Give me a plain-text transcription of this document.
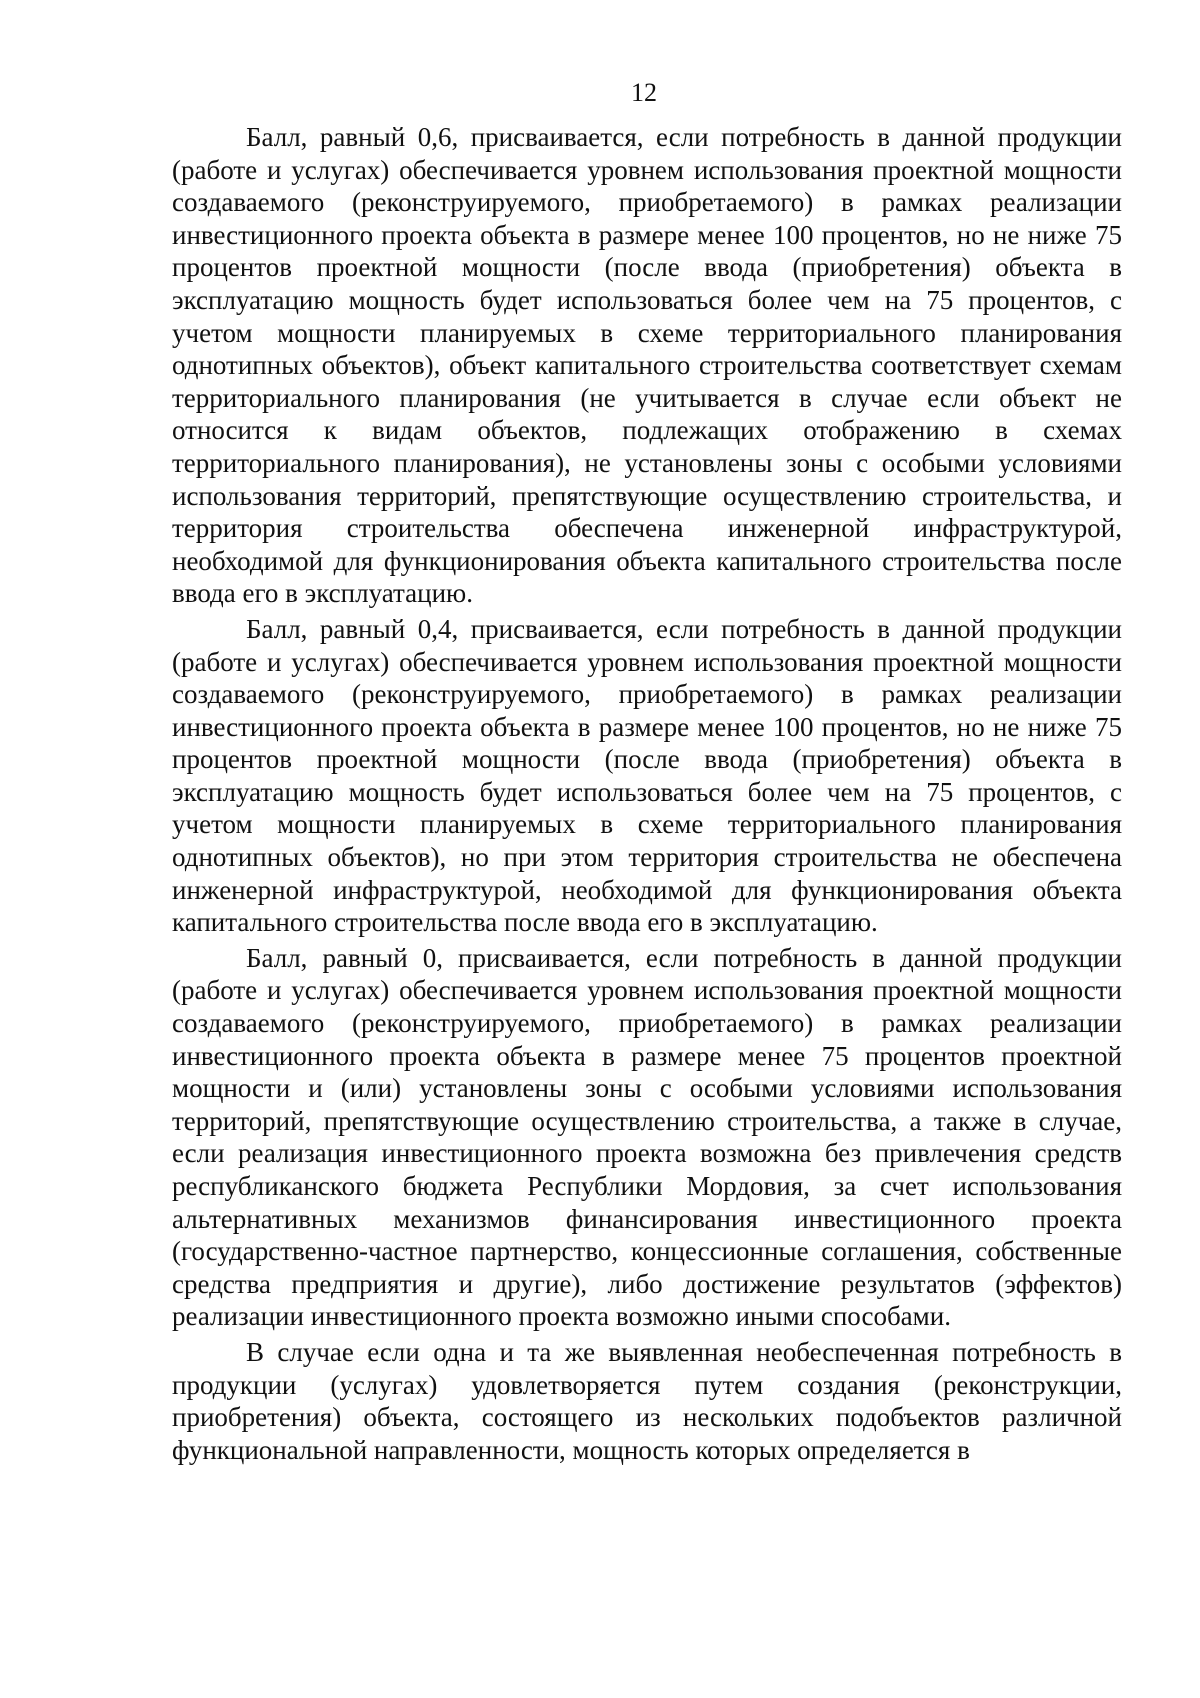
12

Балл, равный 0,6, присваивается, если потребность в данной продукции (работе и услугах) обеспечивается уровнем использования проектной мощности создаваемого (реконструируемого, приобретаемого) в рамках реализации инвестиционного проекта объекта в размере менее 100 процентов, но не ниже 75 процентов проектной мощности (после ввода (приобретения) объекта в эксплуатацию мощность будет использоваться более чем на 75 процентов, с учетом мощности планируемых в схеме территориального планирования однотипных объектов), объект капитального строительства соответствует схемам территориального планирования (не учитывается в случае если объект не относится к видам объектов, подлежащих отображению в схемах территориального планирования), не установлены зоны с особыми условиями использования территорий, препятствующие осуществлению строительства, и территория строительства обеспечена инженерной инфраструктурой, необходимой для функционирования объекта капитального строительства после ввода его в эксплуатацию.

Балл, равный 0,4, присваивается, если потребность в данной продукции (работе и услугах) обеспечивается уровнем использования проектной мощности создаваемого (реконструируемого, приобретаемого) в рамках реализации инвестиционного проекта объекта в размере менее 100 процентов, но не ниже 75 процентов проектной мощности (после ввода (приобретения) объекта в эксплуатацию мощность будет использоваться более чем на 75 процентов, с учетом мощности планируемых в схеме территориального планирования однотипных объектов), но при этом территория строительства не обеспечена инженерной инфраструктурой, необходимой для функционирования объекта капитального строительства после ввода его в эксплуатацию.

Балл, равный 0, присваивается, если потребность в данной продукции (работе и услугах) обеспечивается уровнем использования проектной мощности создаваемого (реконструируемого, приобретаемого) в рамках реализации инвестиционного проекта объекта в размере менее 75 процентов проектной мощности и (или) установлены зоны с особыми условиями использования территорий, препятствующие осуществлению строительства, а также в случае, если реализация инвестиционного проекта возможна без привлечения средств республиканского бюджета Республики Мордовия, за счет использования альтернативных механизмов финансирования инвестиционного проекта (государственно-частное партнерство, концессионные соглашения, собственные средства предприятия и другие), либо достижение результатов (эффектов) реализации инвестиционного проекта возможно иными способами.

В случае если одна и та же выявленная необеспеченная потребность в продукции (услугах) удовлетворяется путем создания (реконструкции, приобретения) объекта, состоящего из нескольких подобъектов различной функциональной направленности, мощность которых определяется в
